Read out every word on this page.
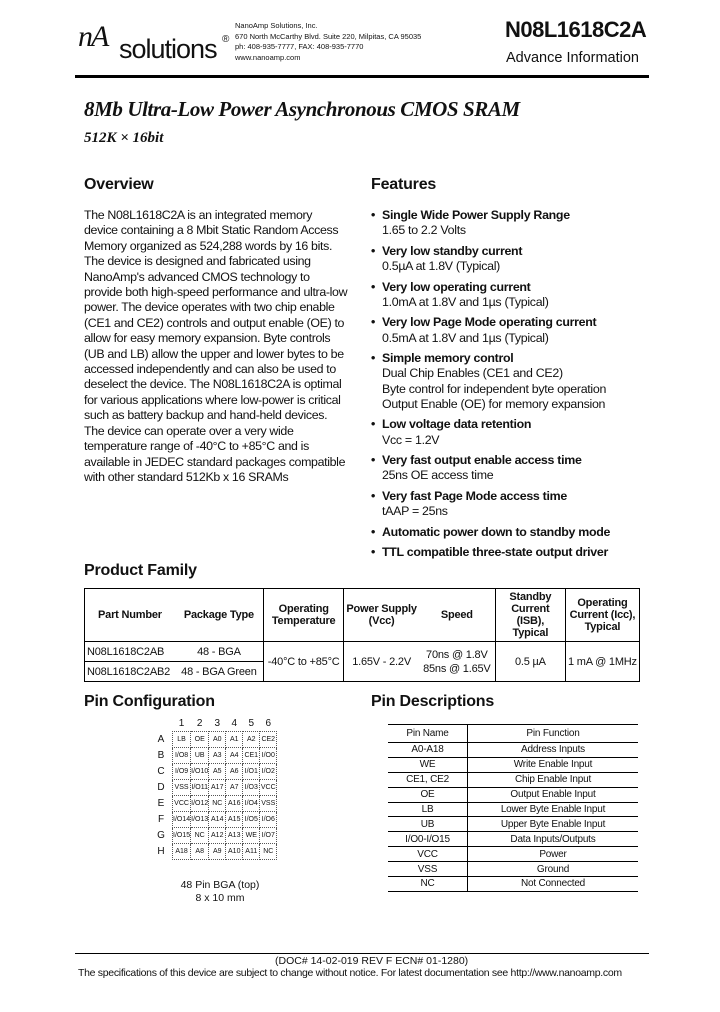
nA solutions ®
NanoAmp Solutions, Inc.
670 North McCarthy Blvd. Suite 220, Milpitas, CA 95035
ph: 408-935-7777, FAX: 408-935-7770
www.nanoamp.com
N08L1618C2A
Advance Information
8Mb Ultra-Low Power Asynchronous CMOS SRAM
512K × 16bit
Overview
The N08L1618C2A is an integrated memory
device containing a 8 Mbit Static Random Access
Memory organized as 524,288 words by 16 bits.
The device is designed and fabricated using
NanoAmp's advanced CMOS technology to
provide both high-speed performance and ultra-low
power. The device operates with two chip enable
(CE1 and CE2) controls and output enable (OE) to
allow for easy memory expansion. Byte controls
(UB and LB) allow the upper and lower bytes to be
accessed independently and can also be used to
deselect the device. The N08L1618C2A is optimal
for various applications where low-power is critical
such as battery backup and hand-held devices.
The device can operate over a very wide
temperature range of -40°C to +85°C and is
available in JEDEC standard packages compatible
with other standard 512Kb x 16 SRAMs
Features
• Single Wide Power Supply Range
1.65 to 2.2 Volts
• Very low standby current
0.5µA at 1.8V (Typical)
• Very low operating current
1.0mA at 1.8V and 1µs (Typical)
• Very low Page Mode operating current
0.5mA at 1.8V and 1µs (Typical)
• Simple memory control
Dual Chip Enables (CE1 and CE2)
Byte control for independent byte operation
Output Enable (OE) for memory expansion
• Low voltage data retention
Vcc = 1.2V
• Very fast output enable access time
25ns OE access time
• Very fast Page Mode access time
tAAP = 25ns
• Automatic power down to standby mode
• TTL compatible three-state output driver
Product Family
Part Number	Package Type	Operating Temperature	Power Supply (Vcc)	Speed	Standby Current (ISB), Typical	Operating Current (Icc), Typical
N08L1618C2AB	48 - BGA	-40°C to +85°C	1.65V - 2.2V	70ns @ 1.8V
85ns @ 1.65V	0.5 µA	1 mA @ 1MHz
N08L1618C2AB2	48 - BGA Green					
Pin Configuration
	1	2	3	4	5	6
A	LB	OE	A0	A1	A2	CE2
B	I/O8	UB	A3	A4	CE1	I/O0
C	I/O9	I/O10	A5	A6	I/O1	I/O2
D	VSS	I/O11	A17	A7	I/O3	VCC
E	VCC	I/O12	NC	A16	I/O4	VSS
F	I/O14	I/O13	A14	A15	I/O5	I/O6
G	I/O15	NC	A12	A13	WE	I/O7
H	A18	A8	A9	A10	A11	NC
48 Pin BGA (top)
8 x 10 mm
Pin Descriptions
Pin Name	Pin Function
A0-A18	Address Inputs
WE	Write Enable Input
CE1, CE2	Chip Enable Input
OE	Output Enable Input
LB	Lower Byte Enable Input
UB	Upper Byte Enable Input
I/O0-I/O15	Data Inputs/Outputs
VCC	Power
VSS	Ground
NC	Not Connected
(DOC# 14-02-019 REV F ECN# 01-1280)
The specifications of this device are subject to change without notice. For latest documentation see http://www.nanoamp.com
